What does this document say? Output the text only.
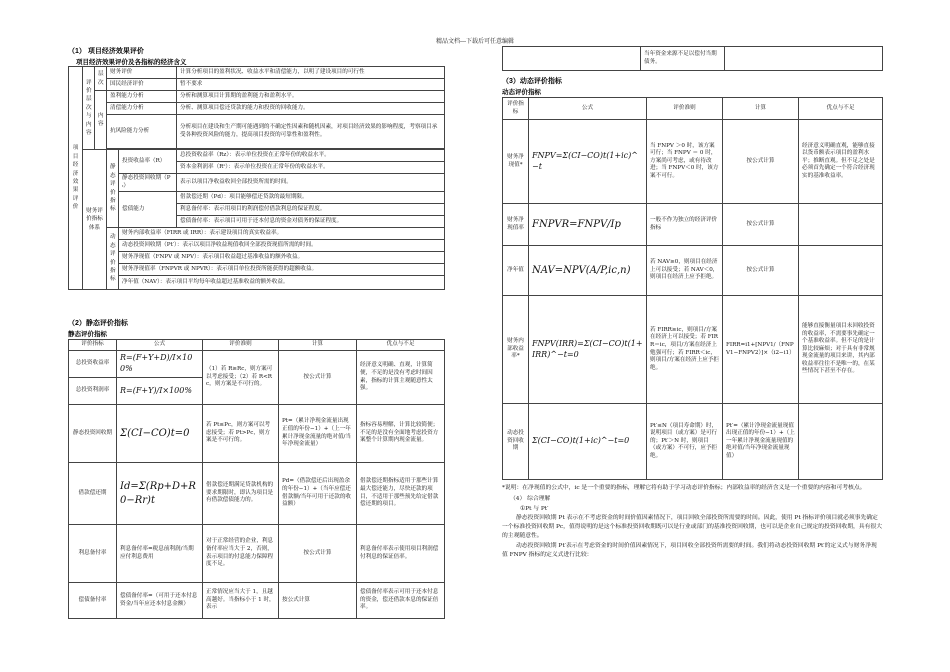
精品文档---下载后可任意编辑
（1） 项目经济效果评价
项目经济效果评价及各指标的经济含义
项目经济效果评价	评价层次与内容	层次	财务评价		计算分析项目的盈利状况、收益水平和清偿能力，以明了建设项目的可行性
			国民经济评价		暂不要求
		内容	盈利能力分析		分析和测算项目计算期的盈利能力和盈利水平。
			清偿能力分析		分析、测算项目偿还贷款的能力和投资的回收能力。
			抗风险能力分析		分析项目在建设和生产期可能遇到的不确定性因素和随机因素，对项目经济效果的影响程度，考察项目承受各种投资风险的能力，提高项目投资的可靠性和盈利性。

	财务评价指标体系		静态评价指标	投资收益率（R）	总投资收益率（Rz）：表示单位投资在正常年份的收益水平。
					资本金利润率（Rᶻ）：表示单位投资在正常年份的收益水平。
				静态投资回收期（Pₜ）	表示以项目净收益收回全部投资所需的时间。
				偿债能力	借款偿还期（Pd）：项目能够偿还贷款的最短期限。
					利息备付率：表示用项目的利润偿付借款利息的保证程度。
					偿债备付率：表示项目可用于还本付息的资金对债务的保证程度。
			动态评价指标	财务内部收益率（FIRR 或 IRR）：表示建设项目的真实收益率。	
				动态投资回收期（Pt′）：表示以项目净收益现值收回全部投资现值所需的时间。	
				财务净现值（FNPV 或 NPV）：表示项目收益超过基准收益的额外收益。	
				财务净现值率（FNPVR 或 NPVR）：表示项目单位投资所能获得的超额收益。	
				净年值（NAV）：表示项目平均每年收益超过基准收益的额外收益。	
（2）静态评价指标
静态评价指标
评价指标	公式	评价准则	计算	优点与不足
总投资收益率	R=(F+Y+D)/I×100%	（1）若 R≥Rc，则方案可以考虑接受；（2）若 R<Rc，则方案是不可行的。	按公式计算	经济意义明确、直观，计算简便，不足的是没有考虑时间因素，指标的计算主观随意性太强。
总投资利润率	R=(F+Y)/I×100%			
静态投资回收期	Σ(CI−CO)t=0	若 Pt≤Pc，则方案可以考虑接受；若 Pt>Pc，则方案是不可行的。	Pt=（累计净现金流量出现正值的年份−1）+（上一年累计净现金流量的绝对值/当年净现金流量）	指标容易理解，计算比较简便；不足的是没有全面地考虑投资方案整个计算期内现金流量。
借款偿还期	Id=Σ(Rp+D+R0−Rr)t	借款偿还期满足贷款机构的要求期限时，即认为项目是有借款偿债能力的。	Pd=（借款偿还后出现盈余的年份−1）+（当年应偿还借款额/当年可用于还款的收益额）	借款偿还期指标适用于那些计算最大偿还能力，尽快还款的项目，不适用于那些预先给定借款偿还期的项目。
利息备付率	利息备付率=税息前利润/当期应付利息费用	对于正常经营的企业，利息备付率应当大于 2，否则，表示项目的付息能力保障程度不足。	按公式计算	利息备付率表示使用项目利润偿付利息的保证倍率。
偿债备付率	偿债备付率=（可用于还本付息资金/当年应还本付息金额）	正常情况应当大于 1，且越高越好。当指标小于 1 时，表示	按公式计算	偿债备付率表示可用于还本付息的资金，偿还借款本息的保证倍率。
	当年资金来源不足以偿付当期债务。	
（3）动态评价指标
动态评价指标
评价指标	公式	评价准则	计算	优点与不足
财务净现值*	FNPV=Σ(CI−CO)t(1+ic)^−t	当 FNPV ＞0 时，该方案可行；当 FNPV ＝ 0 时，方案尚可考虑，或有待改进；当 FNPV＜0 时，该方案不可行。	按公式计算	经济意义明确直观，能够直接以货币额表示项目的盈利水平；推断直观。但不足之处是必须首先确定一个符合经济现实的基准收益率。
财务净现值率	FNPVR=FNPV/Ip	一般不作为独立的经济评价指标	按公式计算	
净年值	NAV=NPV(A/P,ic,n)	若 NAV≥0，则项目在经济上可以接受；若 NAV＜0，则项目在经济上应予拒绝。	按公式计算	
财务内部收益率*	FNPV(IRR)=Σ(CI−CO)t(1+IRR)^−t=0	若 FIRR≥ic，则项目/方案在经济上可以接受；若 FIRR＝ic，项目/方案在经济上勉强可行；若 FIRR＜ic，则项目/方案在经济上应予拒绝。	FIRR=i1+[NPV1/（FNPV1−FNPV2）]×（i2−i1）	能够直接衡量项目未回收投资的收益率，不需要事先确定一个基准收益率。但不足的是计算比较麻烦；对于具有非常规现金流量的项目来讲，其内部收益率往往不是唯一的，在某些情况下甚至不存在。
动态投资回收期	Σ(CI−CO)t(1+ic)^−t=0	Pt′≤N（项目寿命期）时，说明项目（或方案）是可行的；Pt′＞N 时，则项目（或方案）不可行，应予拒绝。	Pt′=（累计净现金流量现值出现正值的年份−1）+（上一年累计净现金流量现值的绝对值/当年净现金流量现值）	

*说明：在净现值的公式中，ic 是一个重要的指标，理解它将有助于学习动态评价指标；内部收益率的经济含义是一个重要的内容和可考核点。

（4） 综合理解

①Pt 与 Pt′

静态投资回收期 Pt 表示在不考虑资金的时间价值因素情况下，项目回收全部投资所需要的时间。因此，使用 Pt 指标评价项目就必须事先确定一个标准投资回收期 Pc，值得说明的是这个标准投资回收期既可以是行业或部门的基准投资回收期，也可以是企业自己规定的投资回收期，具有很大的主观随意性。

动态投资回收期 Pt′表示在考虑资金的时间价值因素情况下，项目回收全部投资所需要的时间。我们将动态投资回收期 Pt′的定义式与财务净现值 FNPV 指标的定义式进行比较：
